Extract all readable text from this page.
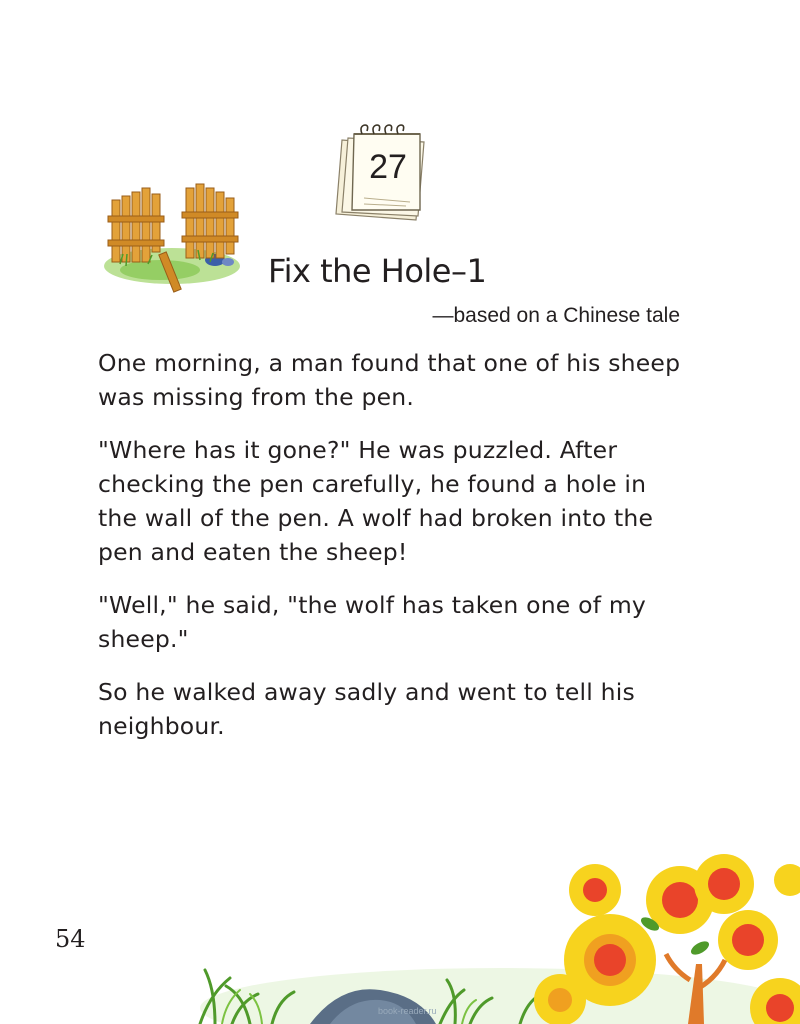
27
Fix the Hole–1
—based on a Chinese tale

One morning, a man found that one of his sheep was missing from the pen.

"Where has it gone?" He was puzzled. After checking the pen carefully, he found a hole in the wall of the pen. A wolf had broken into the pen and eaten the sheep!

"Well," he said, "the wolf has taken one of my sheep."

So he walked away sadly and went to tell his neighbour.

54
book-reader.ru
